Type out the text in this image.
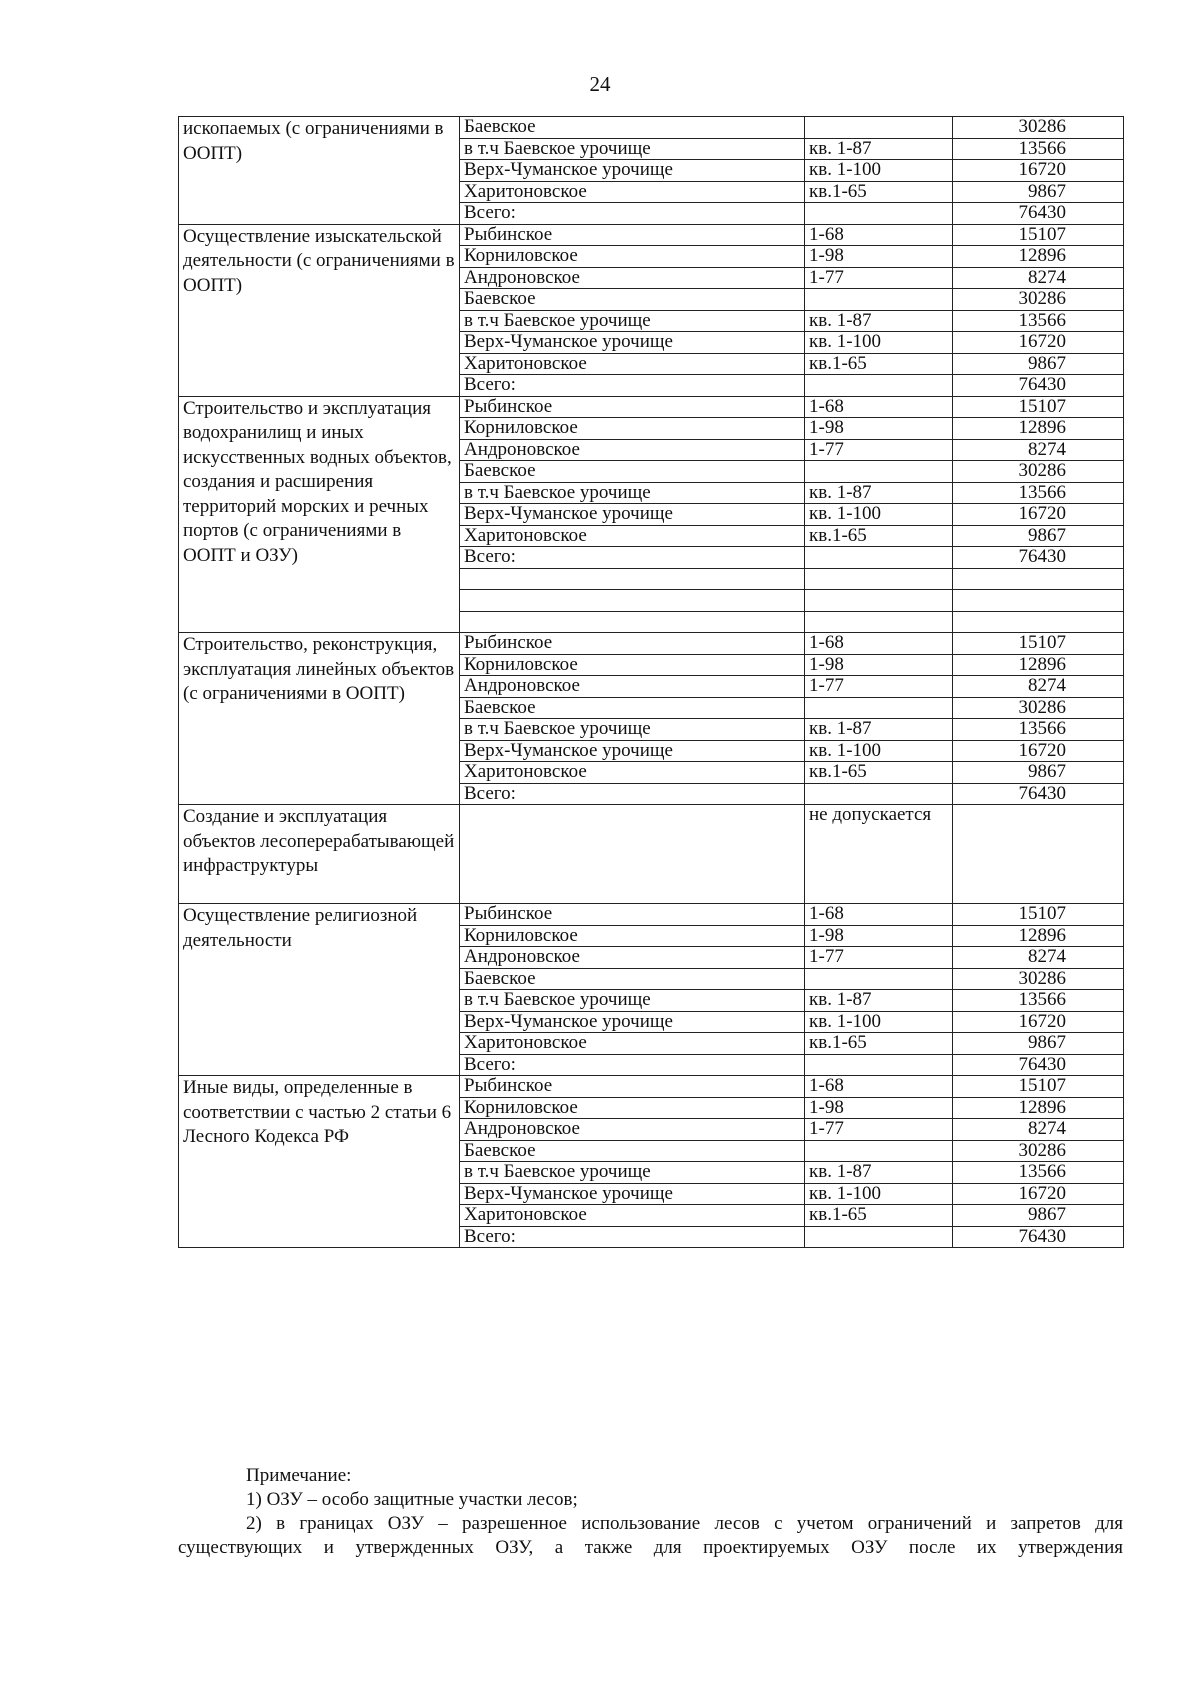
24
ископаемых (с ограничениями в ООПТ)	Баевское		30286
	в т.ч Баевское урочище	кв. 1-87	13566
	Верх-Чуманское урочище	кв. 1-100	16720
	Харитоновское	кв.1-65	9867
	Всего:		76430
Осуществление изыскательской деятельности (с ограничениями в ООПТ)	Рыбинское	1-68	15107
	Корниловское	1-98	12896
	Андроновское	1-77	8274
	Баевское		30286
	в т.ч Баевское урочище	кв. 1-87	13566
	Верх-Чуманское урочище	кв. 1-100	16720
	Харитоновское	кв.1-65	9867
	Всего:		76430
Строительство и эксплуатация водохранилищ и иных искусственных водных объектов, создания и расширения территорий морских и речных портов (с ограничениями в ООПТ и ОЗУ)	Рыбинское	1-68	15107
	Корниловское	1-98	12896
	Андроновское	1-77	8274
	Баевское		30286
	в т.ч Баевское урочище	кв. 1-87	13566
	Верх-Чуманское урочище	кв. 1-100	16720
	Харитоновское	кв.1-65	9867
	Всего:		76430

Строительство, реконструкция, эксплуатация линейных объектов (с ограничениями в ООПТ)	Рыбинское	1-68	15107
	Корниловское	1-98	12896
	Андроновское	1-77	8274
	Баевское		30286
	в т.ч Баевское урочище	кв. 1-87	13566
	Верх-Чуманское урочище	кв. 1-100	16720
	Харитоновское	кв.1-65	9867
	Всего:		76430
Создание и эксплуатация объектов лесоперерабатывающей инфраструктуры		не допускается	
Осуществление религиозной деятельности	Рыбинское	1-68	15107
	Корниловское	1-98	12896
	Андроновское	1-77	8274
	Баевское		30286
	в т.ч Баевское урочище	кв. 1-87	13566
	Верх-Чуманское урочище	кв. 1-100	16720
	Харитоновское	кв.1-65	9867
	Всего:		76430
Иные виды, определенные в соответствии с частью 2 статьи 6 Лесного Кодекса РФ	Рыбинское	1-68	15107
	Корниловское	1-98	12896
	Андроновское	1-77	8274
	Баевское		30286
	в т.ч Баевское урочище	кв. 1-87	13566
	Верх-Чуманское урочище	кв. 1-100	16720
	Харитоновское	кв.1-65	9867
	Всего:		76430
Примечание:
1) ОЗУ – особо защитные участки лесов;
2) в границах ОЗУ – разрешенное использование лесов с учетом ограничений и запретов для
существующих и утвержденных ОЗУ, а также для проектируемых ОЗУ после их утверждения
